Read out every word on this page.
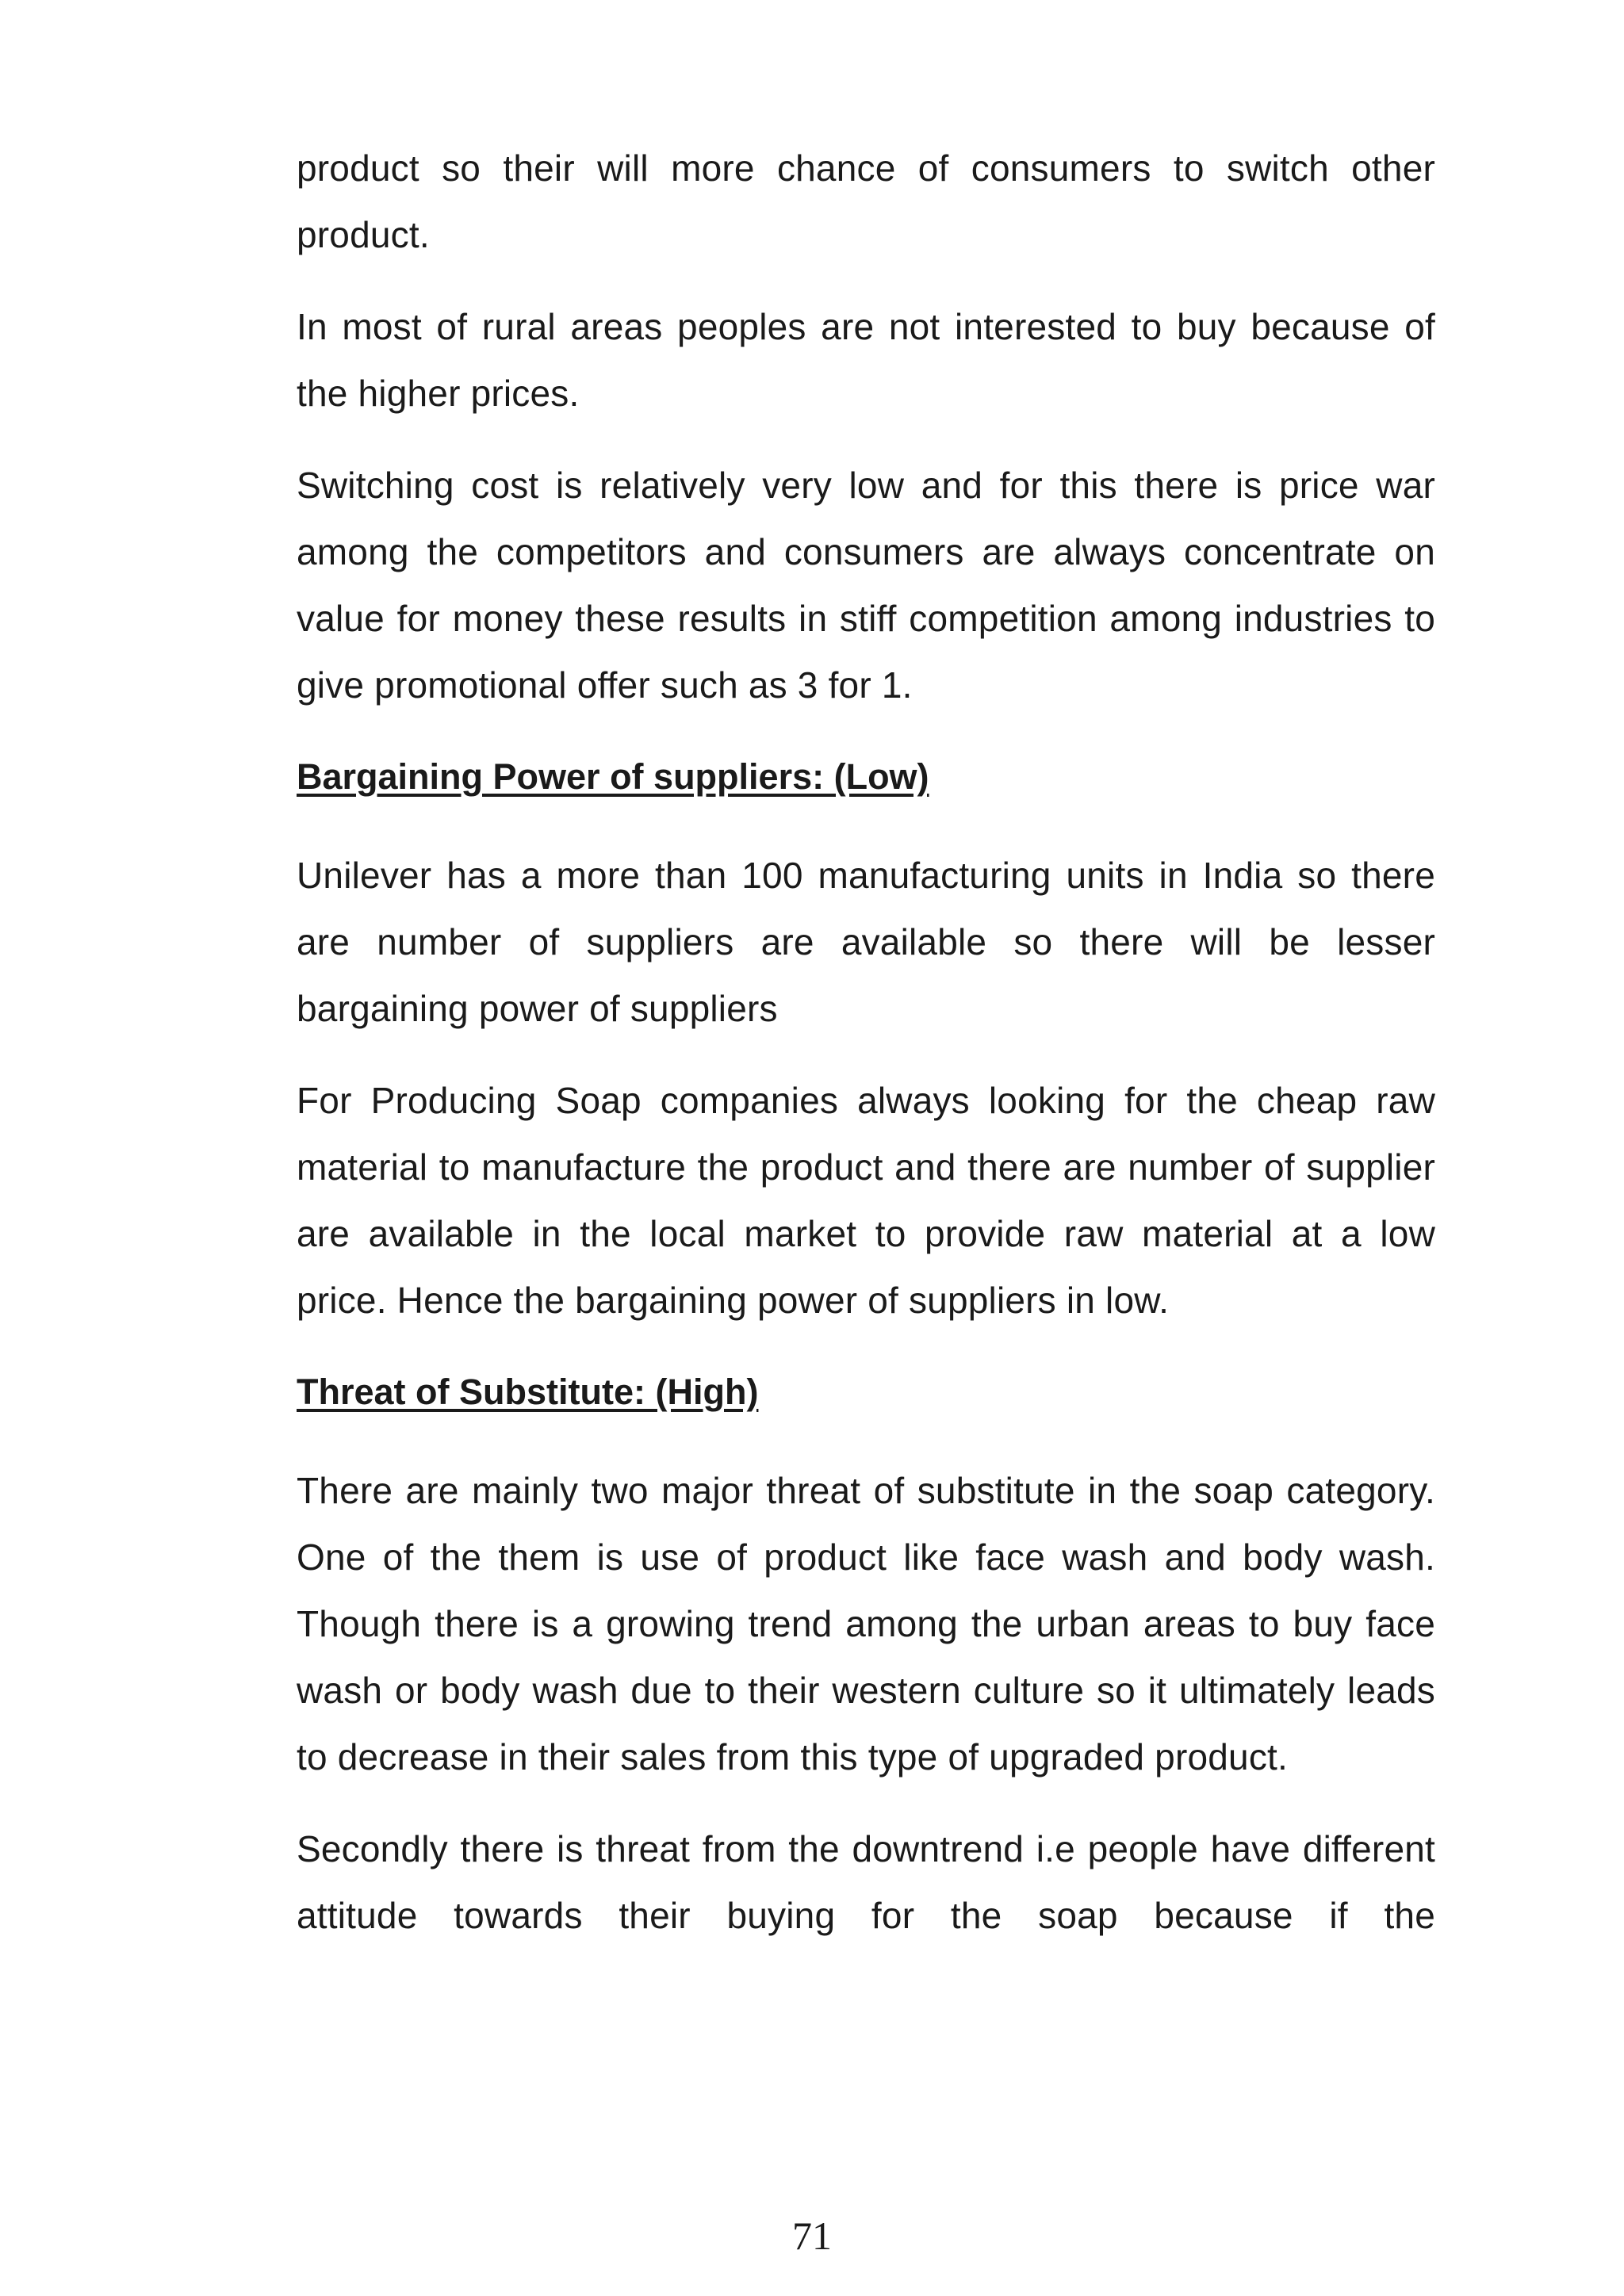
product so their will more chance of consumers to switch other product.

In most of rural areas peoples are not interested to buy because of the higher prices.

Switching cost is relatively very low and for this there is price war among the competitors and consumers are always concentrate on value for money these results in stiff competition among industries to give promotional offer such as 3 for 1.

Bargaining Power of suppliers: (Low)

Unilever has a more than 100 manufacturing units in India so there are number of suppliers are available so there will be lesser bargaining power of suppliers

For Producing Soap companies always looking for the cheap raw material to manufacture the product and there are number of supplier are available in the local market to provide raw material at a low price. Hence the bargaining power of suppliers in low.

Threat of Substitute: (High)

There are mainly two major threat of substitute in the soap category. One of the them is use of product like face wash and body wash. Though there is a growing trend among the urban areas to buy face wash or body wash due to their western culture so it ultimately leads to decrease in their sales from this type of upgraded product.

Secondly there is threat from the downtrend i.e people have different attitude towards their buying for the soap because if the

71
